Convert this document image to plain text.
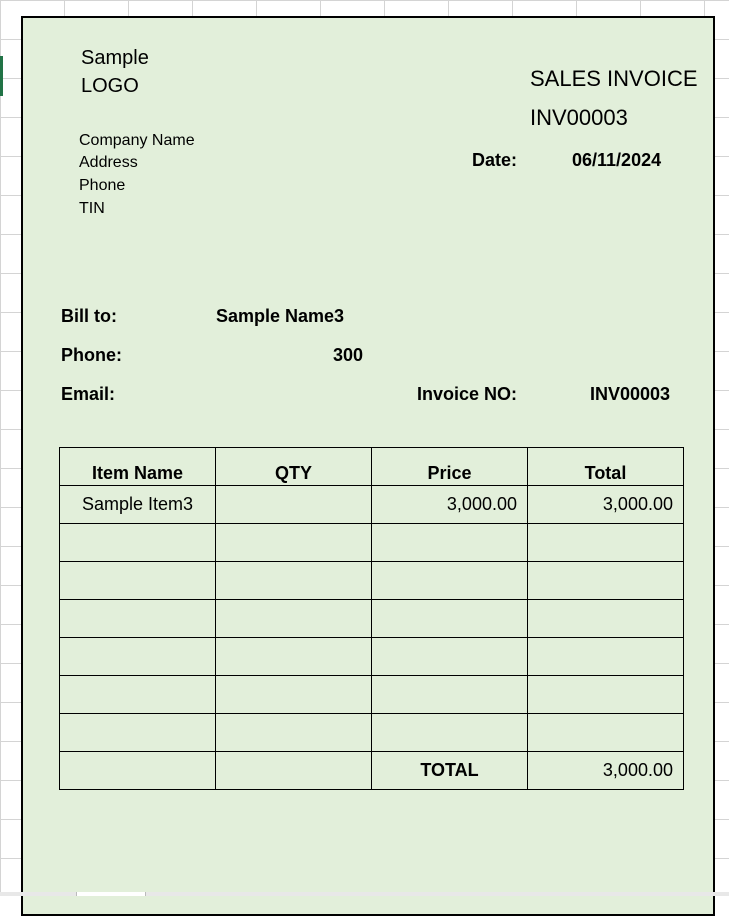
Sample
LOGO
Company Name
Address
Phone
TIN
SALES INVOICE
INV00003
Date:	06/11/2024
Bill to:	Sample Name3
Phone:	300
Email:	Invoice NO:	INV00003
Item Name	QTY	Price	Total
Sample Item3		3,000.00	3,000.00

		TOTAL	3,000.00
